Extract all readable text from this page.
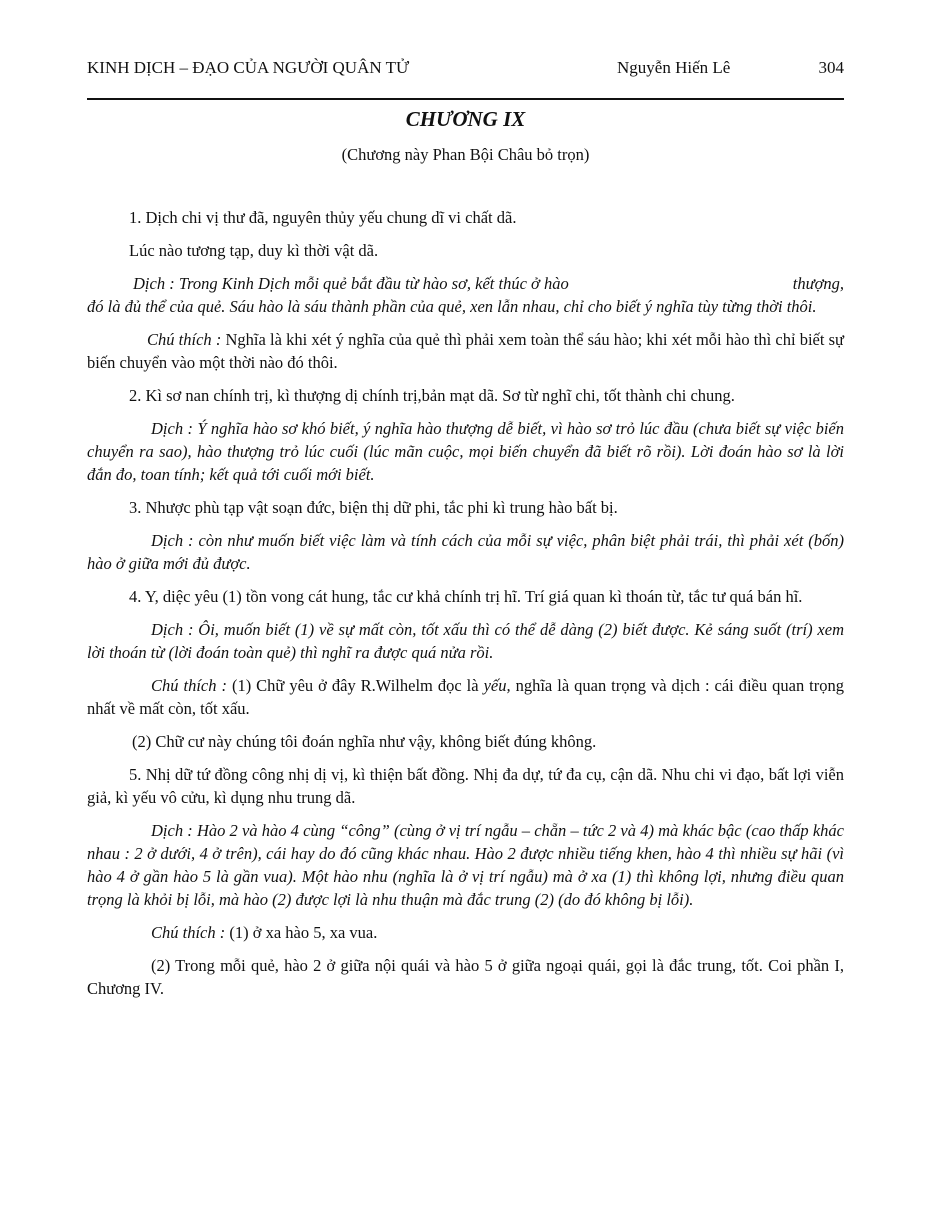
KINH DỊCH – ĐẠO CỦA NGƯỜI QUÂN TỬ	Nguyễn Hiến Lê	304
CHƯƠNG IX
(Chương này Phan Bội Châu bỏ trọn)

1. Dịch chi vị thư đã, nguyên thủy yếu chung dĩ vi chất dã.

Lúc nào tương tạp, duy kì thời vật dã.

Dịch : Trong Kinh Dịch mỗi quẻ bắt đầu từ hào sơ, kết thúc ở hào	thượng,

đó là đủ thể của quẻ. Sáu hào là sáu thành phần của quẻ, xen lẫn nhau, chỉ cho biết ý nghĩa tùy từng thời thôi.

Chú thích : Nghĩa là khi xét ý nghĩa của quẻ thì phải xem toàn thể sáu hào; khi xét mỗi hào thì chỉ biết sự biến chuyển vào một thời nào đó thôi.

2. Kì sơ nan chính trị, kì thượng dị chính trị,bản mạt dã. Sơ từ nghĩ chi, tốt thành chi chung.

Dịch : Ý nghĩa hào sơ khó biết, ý nghĩa hào thượng dễ biết, vì hào sơ trỏ lúc đầu (chưa biết sự việc biến chuyển ra sao), hào thượng trỏ lúc cuối (lúc mãn cuộc, mọi biến chuyển đã biết rõ rồi). Lời đoán hào sơ là lời đắn đo, toan tính; kết quả tới cuối mới biết.

3. Nhược phù tạp vật soạn đức, biện thị dữ phi, tắc phi kì trung hào bất bị.

Dịch : còn như muốn biết việc làm và tính cách của mỗi sự việc, phân biệt phải trái, thì phải xét (bốn) hào ở giữa mới đủ được.

4. Y, diệc yêu (1) tồn vong cát hung, tắc cư khả chính trị hĩ. Trí giá quan kì thoán từ, tắc tư quá bán hĩ.

Dịch : Ôi, muốn biết (1) về sự mất còn, tốt xấu thì có thể dễ dàng (2) biết được. Kẻ sáng suốt (trí) xem lời thoán từ (lời đoán toàn quẻ) thì nghĩ ra được quá nửa rồi.

Chú thích : (1) Chữ yêu ở đây R.Wilhelm đọc là yếu, nghĩa là quan trọng và dịch : cái điều quan trọng nhất về mất còn, tốt xấu.

(2) Chữ cư này chúng tôi đoán nghĩa như vậy, không biết đúng không.

5. Nhị dữ tứ đồng công nhị dị vị, kì thiện bất đồng. Nhị đa dự, tứ đa cụ, cận dã. Nhu chi vi đạo, bất lợi viễn giả, kì yếu vô cửu, kì dụng nhu trung dã.

Dịch : Hào 2 và hào 4 cùng “công” (cùng ở vị trí ngẫu – chẵn – tức 2 và 4) mà khác bậc (cao thấp khác nhau : 2 ở dưới, 4 ở trên), cái hay do đó cũng khác nhau. Hào 2 được nhiều tiếng khen, hào 4 thì nhiều sự hãi (vì hào 4 ở gần hào 5 là gần vua). Một hào nhu (nghĩa là ở vị trí ngẫu) mà ở xa (1) thì không lợi, nhưng điều quan trọng là khỏi bị lỗi, mà hào (2) được lợi là nhu thuận mà đắc trung (2) (do đó không bị lỗi).

Chú thích : (1) ở xa hào 5, xa vua.

(2) Trong mỗi quẻ, hào 2 ở giữa nội quái và hào 5 ở giữa ngoại quái, gọi là đắc trung, tốt. Coi phần I, Chương IV.
